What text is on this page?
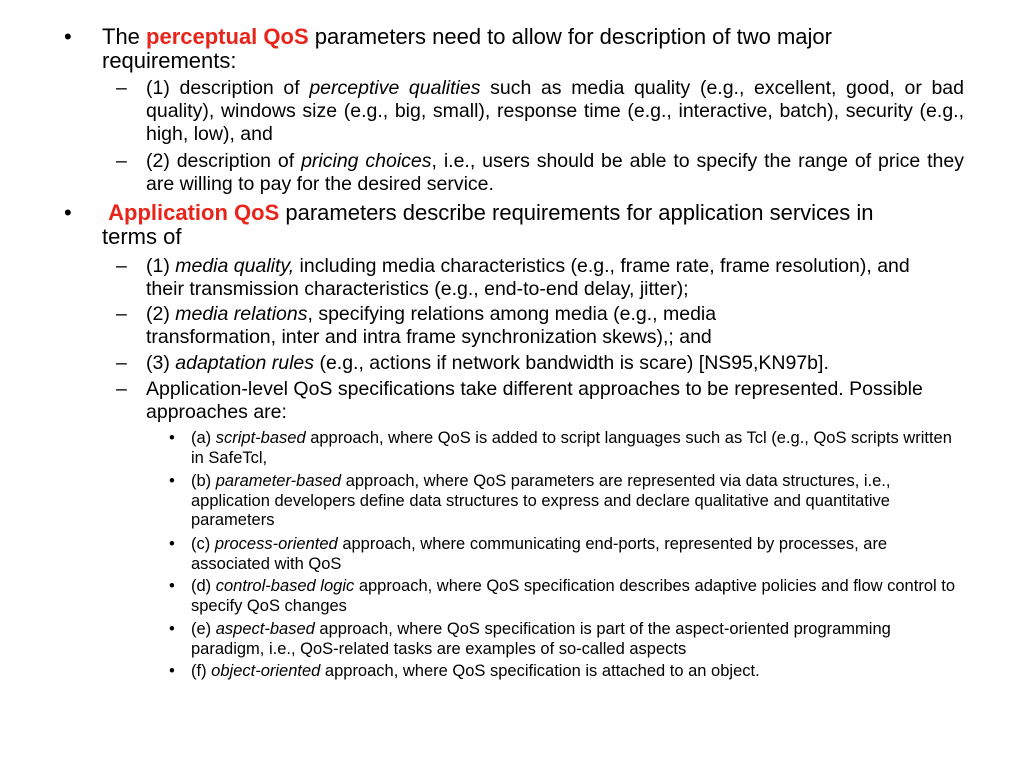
• The perceptual QoS parameters need to allow for description of two major requirements:
– (1) description of perceptive qualities such as media quality (e.g., excellent, good, or bad quality), windows size (e.g., big, small), response time (e.g., interactive, batch), security (e.g., high, low), and
– (2) description of pricing choices, i.e., users should be able to specify the range of price they are willing to pay for the desired service.
• Application QoS parameters describe requirements for application services in terms of
– (1) media quality, including media characteristics (e.g., frame rate, frame resolution), and their transmission characteristics (e.g., end-to-end delay, jitter);
– (2) media relations, specifying relations among media (e.g., media transformation, inter and intra frame synchronization skews),; and
– (3) adaptation rules (e.g., actions if network bandwidth is scare) [NS95,KN97b].
– Application-level QoS specifications take different approaches to be represented. Possible approaches are:
• (a) script-based approach, where QoS is added to script languages such as Tcl (e.g., QoS scripts written in SafeTcl,
• (b) parameter-based approach, where QoS parameters are represented via data structures, i.e., application developers define data structures to express and declare qualitative and quantitative parameters
• (c) process-oriented approach, where communicating end-ports, represented by processes, are associated with QoS
• (d) control-based logic approach, where QoS specification describes adaptive policies and flow control to specify QoS changes
• (e) aspect-based approach, where QoS specification is part of the aspect-oriented programming paradigm, i.e., QoS-related tasks are examples of so-called aspects
• (f) object-oriented approach, where QoS specification is attached to an object.
